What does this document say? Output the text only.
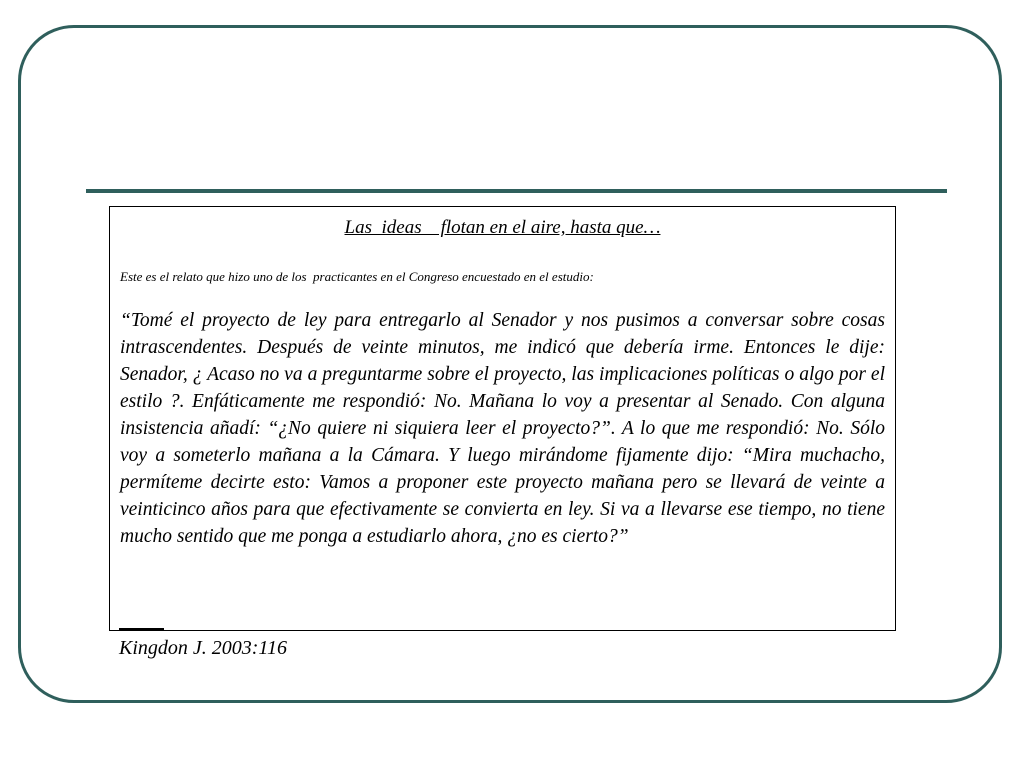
Las  ideas    flotan en el aire, hasta que…
Este es el relato que hizo uno de los  practicantes en el Congreso encuestado en el estudio:
“Tomé el proyecto de ley para entregarlo al Senador y nos pusimos a conversar sobre cosas intrascendentes. Después de veinte minutos, me indicó que debería irme. Entonces le dije: Senador, ¿ Acaso no va a preguntarme sobre el proyecto, las implicaciones políticas o algo por el estilo ?. Enfáticamente me respondió: No. Mañana lo voy a presentar al Senado. Con alguna insistencia añadí: “¿No quiere ni siquiera leer el proyecto?”. A lo que me respondió: No. Sólo voy a someterlo mañana a la Cámara. Y luego mirándome fijamente dijo: “Mira muchacho, permíteme decirte esto: Vamos a proponer este proyecto mañana pero se llevará de veinte a veinticinco años para que efectivamente se convierta en ley. Si va a llevarse ese tiempo, no tiene mucho sentido que me ponga a estudiarlo ahora, ¿no es cierto?”
Kingdon J. 2003:116
